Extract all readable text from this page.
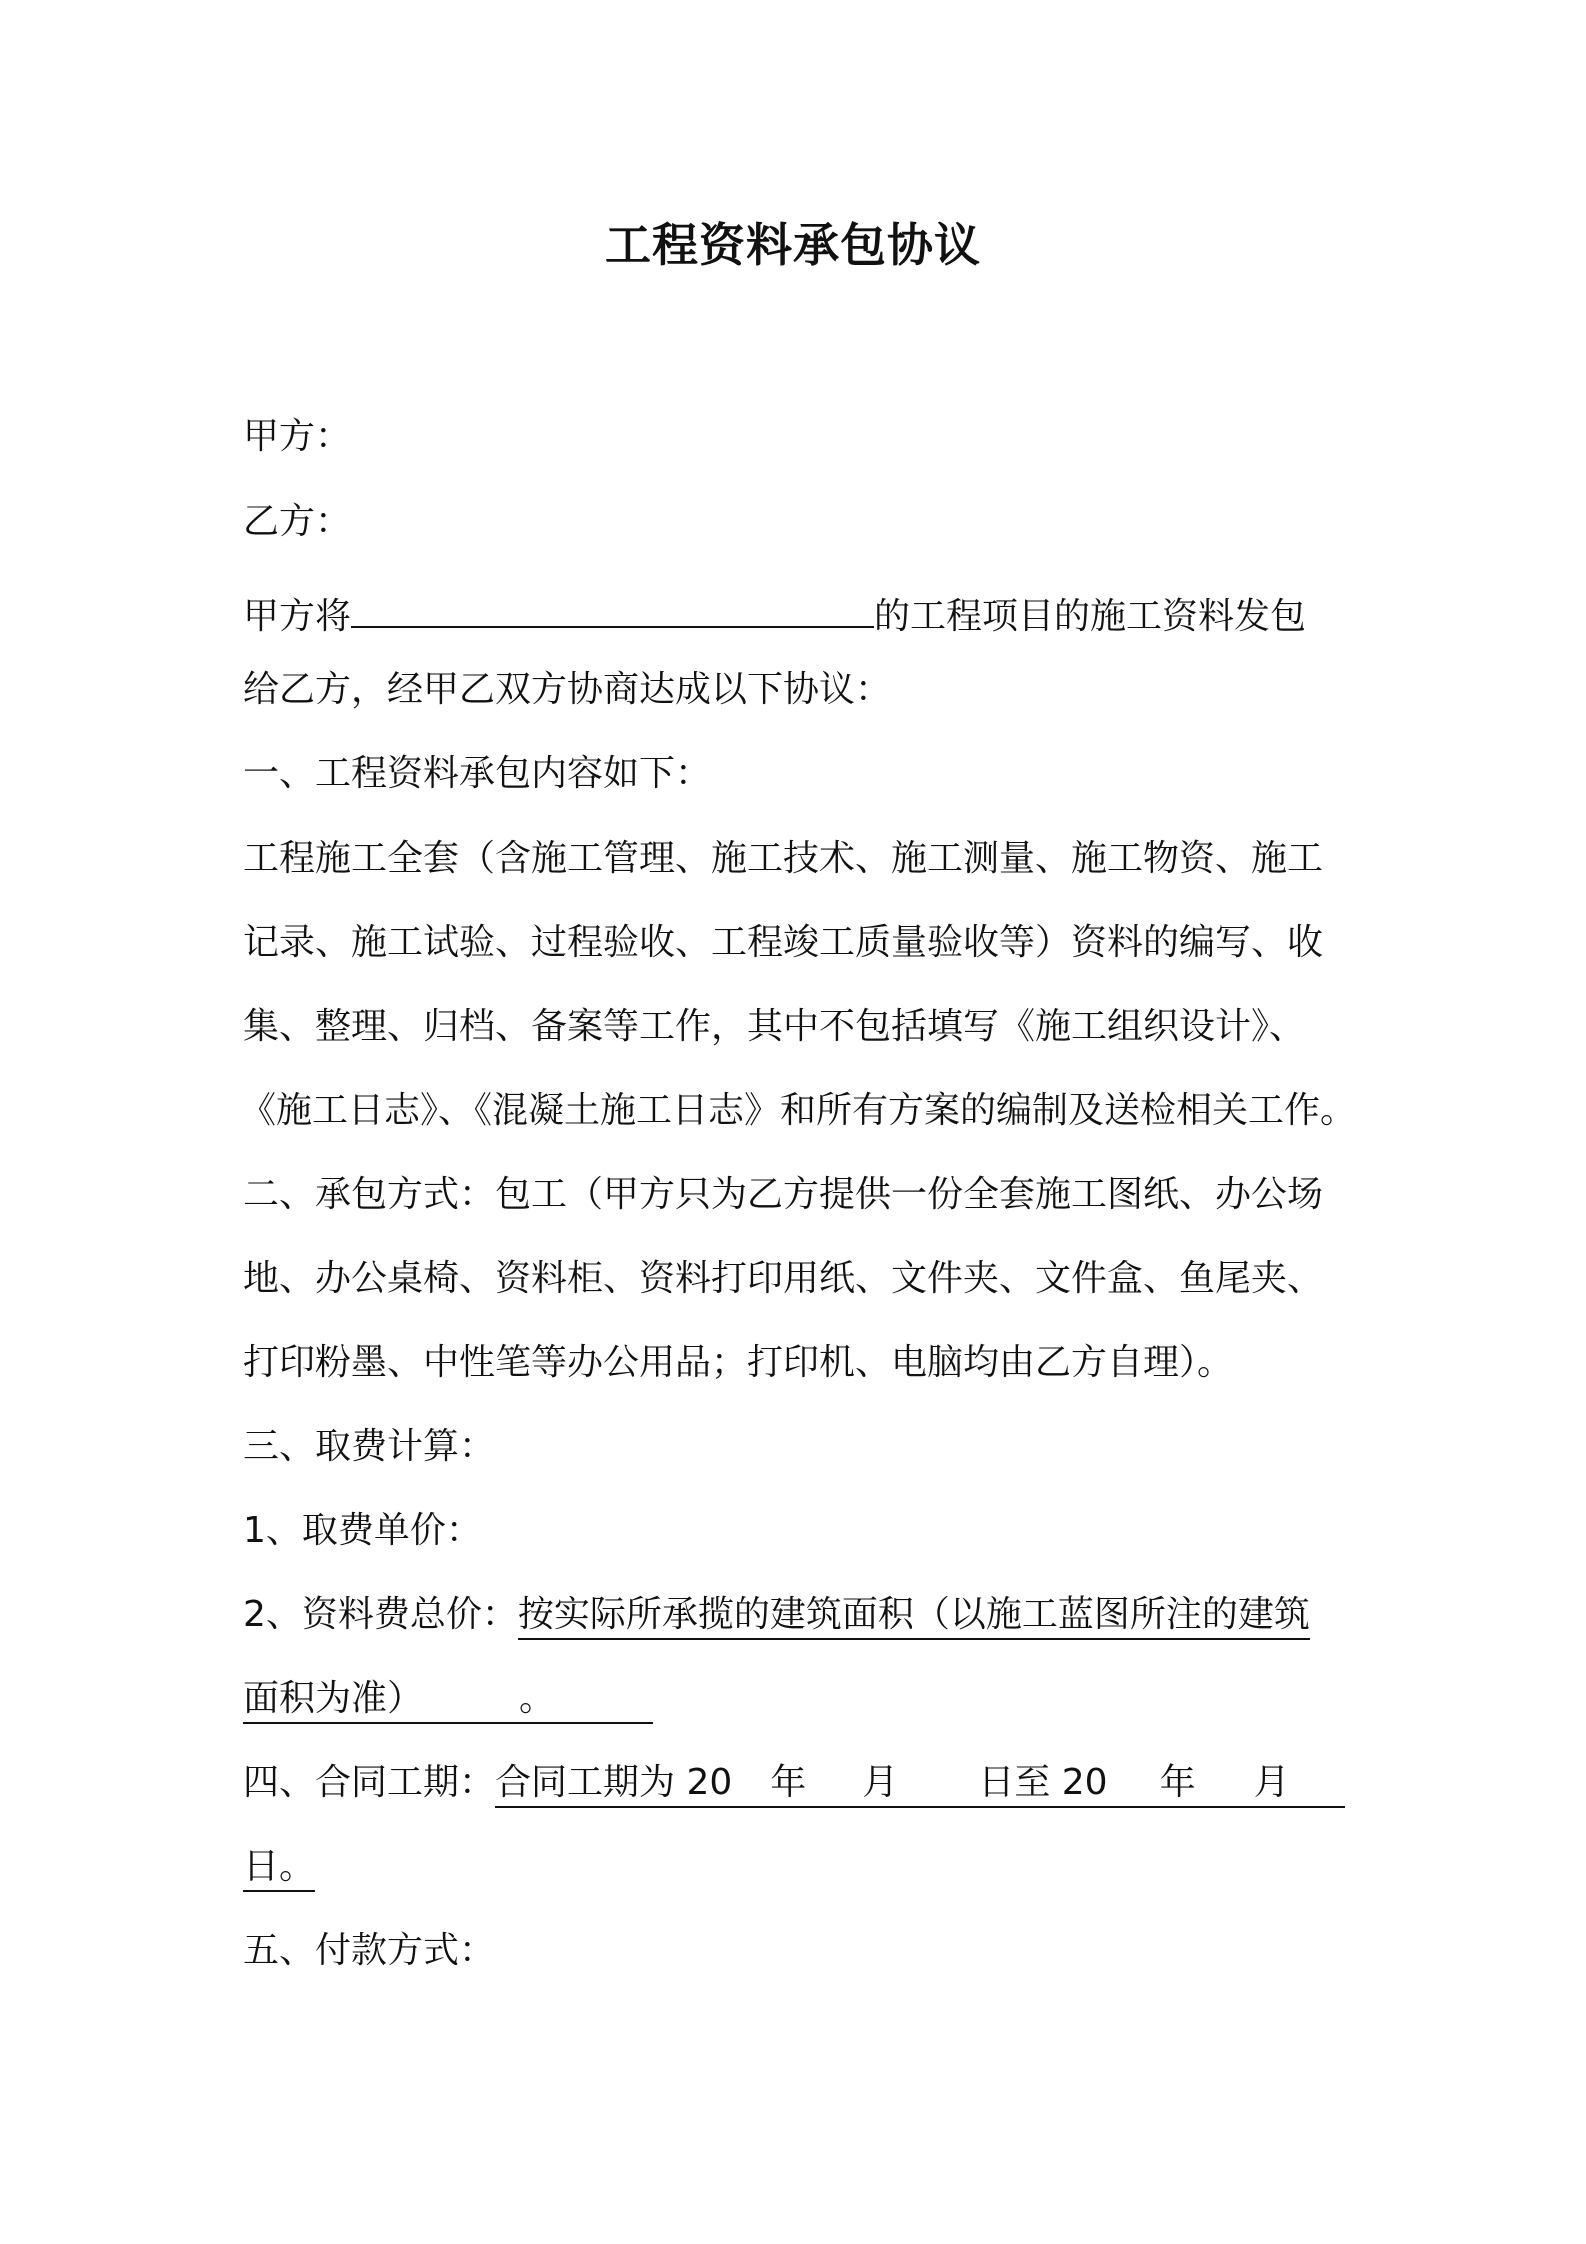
工程资料承包协议
甲方：
乙方：
甲方将	的工程项目的施工资料发包
给乙方，经甲乙双方协商达成以下协议：
一、工程资料承包内容如下：
工程施工全套（含施工管理、施工技术、施工测量、施工物资、施工
记录、施工试验、过程验收、工程竣工质量验收等）资料的编写、收
集、整理、归档、备案等工作，其中不包括填写《施工组织设计》、
《施工日志》、《混凝土施工日志》和所有方案的编制及送检相关工作。
二、承包方式：包工（甲方只为乙方提供一份全套施工图纸、办公场
地、办公桌椅、资料柜、资料打印用纸、文件夹、文件盒、鱼尾夹、
打印粉墨、中性笔等办公用品；打印机、电脑均由乙方自理）。
三、取费计算：
1、取费单价：
2、资料费总价：按实际所承揽的建筑面积（以施工蓝图所注的建筑
面积为准）	。
四、合同工期：合同工期为 20 年 月 日至 20 年 月
日。
五、付款方式：
